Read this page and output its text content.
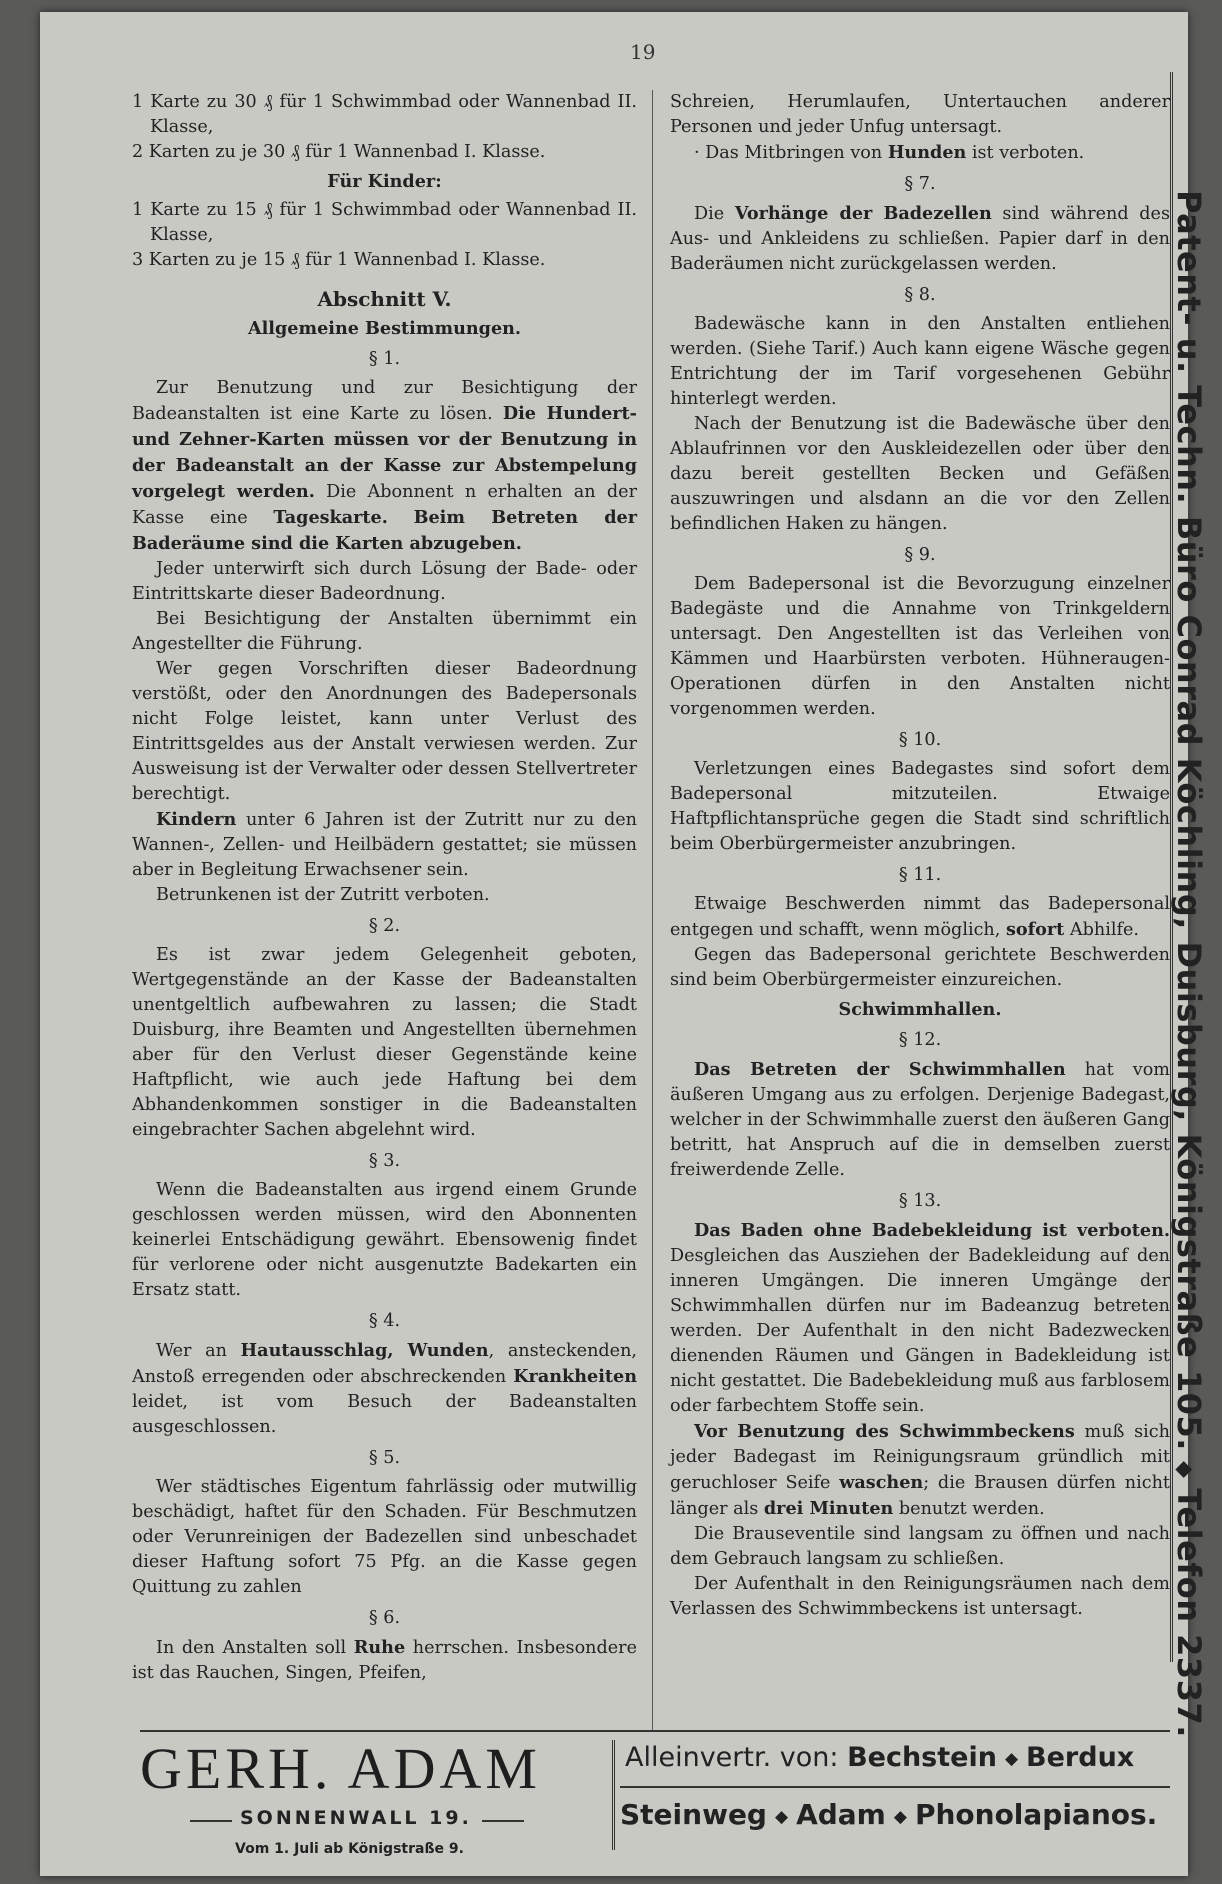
19

1 Karte zu 30 ₰ für 1 Schwimmbad oder Wannenbad II. Klasse,

2 Karten zu je 30 ₰ für 1 Wannenbad I. Klasse.

Für Kinder:

1 Karte zu 15 ₰ für 1 Schwimmbad oder Wannenbad II. Klasse,

3 Karten zu je 15 ₰ für 1 Wannenbad I. Klasse.

Abschnitt V.
Allgemeine Bestimmungen.
§ 1.

Zur Benutzung und zur Besichtigung der Badeanstalten ist eine Karte zu lösen. Die Hundert- und Zehner-Karten müssen vor der Benutzung in der Badeanstalt an der Kasse zur Abstempelung vorgelegt werden. Die Abonnent n erhalten an der Kasse eine Tageskarte. Beim Betreten der Baderäume sind die Karten abzugeben.

Jeder unterwirft sich durch Lösung der Bade- oder Eintrittskarte dieser Badeordnung.

Bei Besichtigung der Anstalten übernimmt ein Angestellter die Führung.

Wer gegen Vorschriften dieser Badeordnung verstößt, oder den Anordnungen des Badepersonals nicht Folge leistet, kann unter Verlust des Eintrittsgeldes aus der Anstalt verwiesen werden. Zur Ausweisung ist der Verwalter oder dessen Stellvertreter berechtigt.

Kindern unter 6 Jahren ist der Zutritt nur zu den Wannen-, Zellen- und Heilbädern gestattet; sie müssen aber in Begleitung Erwachsener sein.

Betrunkenen ist der Zutritt verboten.

§ 2.

Es ist zwar jedem Gelegenheit geboten, Wertgegenstände an der Kasse der Badeanstalten unentgeltlich aufbewahren zu lassen; die Stadt Duisburg, ihre Beamten und Angestellten übernehmen aber für den Verlust dieser Gegenstände keine Haftpflicht, wie auch jede Haftung bei dem Abhandenkommen sonstiger in die Badeanstalten eingebrachter Sachen abgelehnt wird.

§ 3.

Wenn die Badeanstalten aus irgend einem Grunde geschlossen werden müssen, wird den Abonnenten keinerlei Entschädigung gewährt. Ebensowenig findet für verlorene oder nicht ausgenutzte Badekarten ein Ersatz statt.

§ 4.

Wer an Hautausschlag, Wunden, ansteckenden, Anstoß erregenden oder abschreckenden Krankheiten leidet, ist vom Besuch der Badeanstalten ausgeschlossen.

§ 5.

Wer städtisches Eigentum fahrlässig oder mutwillig beschädigt, haftet für den Schaden. Für Beschmutzen oder Verunreinigen der Badezellen sind unbeschadet dieser Haftung sofort 75 Pfg. an die Kasse gegen Quittung zu zahlen

§ 6.

In den Anstalten soll Ruhe herrschen. Insbesondere ist das Rauchen, Singen, Pfeifen,

Schreien, Herumlaufen, Untertauchen anderer Personen und jeder Unfug untersagt.

· Das Mitbringen von Hunden ist verboten.

§ 7.

Die Vorhänge der Badezellen sind während des Aus- und Ankleidens zu schließen. Papier darf in den Baderäumen nicht zurückgelassen werden.

§ 8.

Badewäsche kann in den Anstalten entliehen werden. (Siehe Tarif.) Auch kann eigene Wäsche gegen Entrichtung der im Tarif vorgesehenen Gebühr hinterlegt werden.

Nach der Benutzung ist die Badewäsche über den Ablaufrinnen vor den Auskleidezellen oder über den dazu bereit gestellten Becken und Gefäßen auszuwringen und alsdann an die vor den Zellen befindlichen Haken zu hängen.

§ 9.

Dem Badepersonal ist die Bevorzugung einzelner Badegäste und die Annahme von Trinkgeldern untersagt. Den Angestellten ist das Verleihen von Kämmen und Haarbürsten verboten. Hühneraugen-Operationen dürfen in den Anstalten nicht vorgenommen werden.

§ 10.

Verletzungen eines Badegastes sind sofort dem Badepersonal mitzuteilen. Etwaige Haftpflichtansprüche gegen die Stadt sind schriftlich beim Oberbürgermeister anzubringen.

§ 11.

Etwaige Beschwerden nimmt das Badepersonal entgegen und schafft, wenn möglich, sofort Abhilfe.

Gegen das Badepersonal gerichtete Beschwerden sind beim Oberbürgermeister einzureichen.

Schwimmhallen.
§ 12.

Das Betreten der Schwimmhallen hat vom äußeren Umgang aus zu erfolgen. Derjenige Badegast, welcher in der Schwimmhalle zuerst den äußeren Gang betritt, hat Anspruch auf die in demselben zuerst freiwerdende Zelle.

§ 13.

Das Baden ohne Badebekleidung ist verboten. Desgleichen das Ausziehen der Badekleidung auf den inneren Umgängen. Die inneren Umgänge der Schwimmhallen dürfen nur im Badeanzug betreten werden. Der Aufenthalt in den nicht Badezwecken dienenden Räumen und Gängen in Badekleidung ist nicht gestattet. Die Badebekleidung muß aus farblosem oder farbechtem Stoffe sein.

Vor Benutzung des Schwimmbeckens muß sich jeder Badegast im Reinigungsraum gründlich mit geruchloser Seife waschen; die Brausen dürfen nicht länger als drei Minuten benutzt werden.

Die Brauseventile sind langsam zu öffnen und nach dem Gebrauch langsam zu schließen.

Der Aufenthalt in den Reinigungsräumen nach dem Verlassen des Schwimmbeckens ist untersagt.

Patent- u. Techn. Büro Conrad Köchling, Duisburg, Königstraße 105.◆Telefon 2337.
GERH. ADAM
SONNENWALL 19.
Vom 1. Juli ab Königstraße 9.
Alleinvertr. von: Bechstein ◆ Berdux
Steinweg ◆ Adam ◆ Phonolapianos.
